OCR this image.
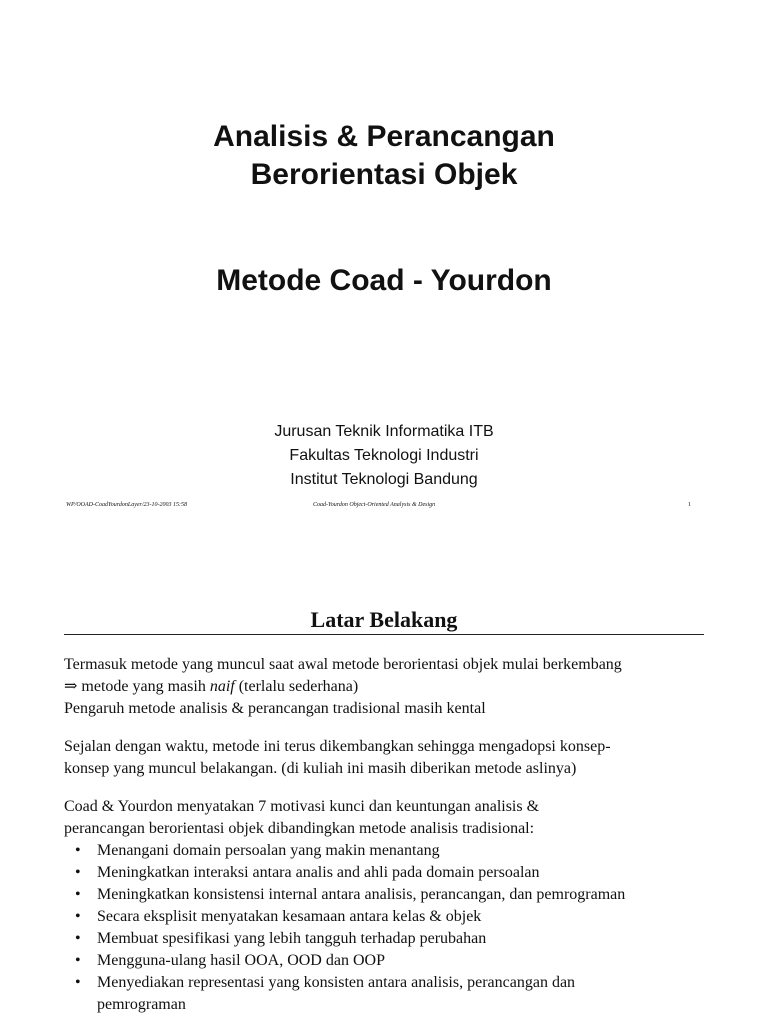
Analisis & Perancangan
Berorientasi Objek
Metode Coad - Yourdon
Jurusan Teknik Informatika ITB
Fakultas Teknologi Industri
Institut Teknologi Bandung
WP/OOAD-CoadYourdonLayer/23-10-2003 15:58	Coad-Yourdon Object-Oriented Analysis & Design	1
Latar Belakang
Termasuk metode yang muncul saat awal metode berorientasi objek mulai berkembang
⇒ metode yang masih naif (terlalu sederhana)
Pengaruh metode analisis & perancangan tradisional masih kental
Sejalan dengan waktu, metode ini terus dikembangkan sehingga mengadopsi konsep-
konsep yang muncul belakangan. (di kuliah ini masih diberikan metode aslinya)
Coad & Yourdon menyatakan 7 motivasi kunci dan keuntungan analisis &
perancangan berorientasi objek dibandingkan metode analisis tradisional:
• Menangani domain persoalan yang makin menantang
• Meningkatkan interaksi antara analis and ahli pada domain persoalan
• Meningkatkan konsistensi internal antara analisis, perancangan, dan pemrograman
• Secara eksplisit menyatakan kesamaan antara kelas & objek
• Membuat spesifikasi yang lebih tangguh terhadap perubahan
• Mengguna-ulang hasil OOA, OOD dan OOP
• Menyediakan representasi yang konsisten antara analisis, perancangan dan
pemrograman
